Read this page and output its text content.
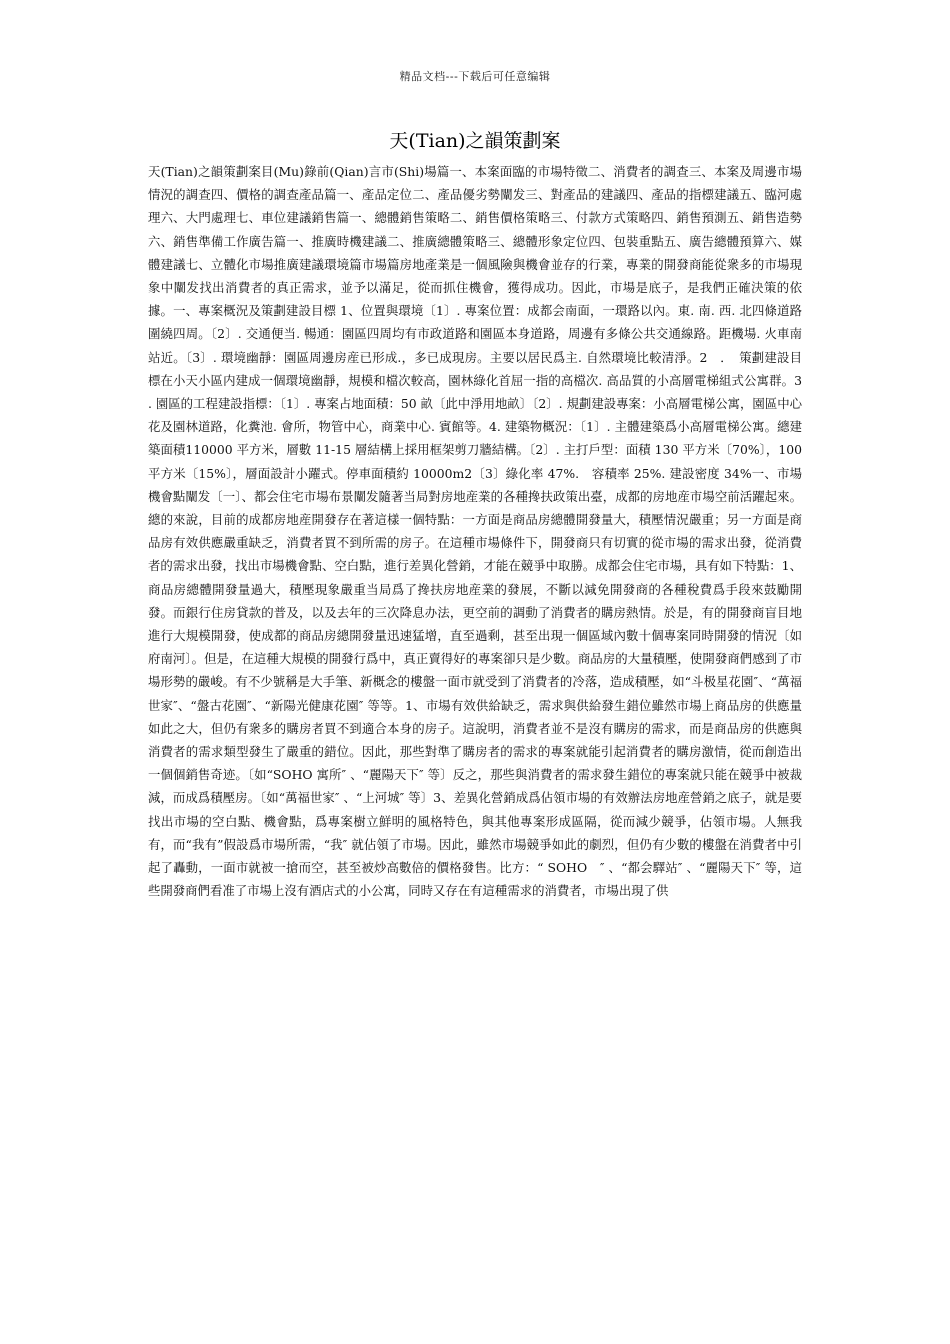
精品文档---下载后可任意编辑
天(Tian)之韻策劃案

天(Tian)之韻策劃案目(Mu)錄前(Qian)言市(Shi)場篇一、本案面臨的市場特徵二、消費者的調查三、本案及周邊市場情況的調查四、價格的調查產品篇一、產品定位二、產品優劣勢闡发三、對產品的建議四、產品的指標建議五、臨河處理六、大門處理七、車位建議銷售篇一、總體銷售策略二、銷售價格策略三、付款方式策略四、銷售預測五、銷售造勢六、銷售準備工作廣告篇一、推廣時機建議二、推廣總體策略三、總體形象定位四、包裝重點五、廣告總體預算六、媒體建議七、立體化市場推廣建議環境篇市場篇房地產業是一個風險與機會並存的行業，專業的開發商能從衆多的市場現象中闡发找出消費者的真正需求，並予以滿足，從而抓住機會，獲得成功。因此，市場是底子，是我們正確決策的依據。一、專案概況及策劃建設目標 1、位置與環境〔1〕. 專案位置：成都会南面，一環路以內。東. 南. 西. 北四條道路圍繞四周。〔2〕. 交通便当. 暢通：園區四周均有市政道路和園區本身道路，周邊有多條公共交通線路。距機場. 火車南站近。〔3〕. 環境幽靜：園區周邊房産已形成.，多已成現房。主要以居民爲主. 自然環境比較清淨。2　．　策劃建設目標在小天小區内建成一個環境幽靜，規模和檔次較高，園林綠化首屈一指的高檔次. 高品質的小高層電梯組式公寓群。3　. 園區的工程建設指標：〔1〕. 專案占地面積：50 畝〔此中淨用地畝〕〔2〕. 規劃建設專案：小高層電梯公寓，園區中心花及園林道路，化糞池. 會所，物管中心，商業中心. 賓館等。4. 建築物概況：〔1〕. 主體建築爲小高層電梯公寓。總建築面積110000 平方米，層數 11-15 層結構上採用框架剪刀牆結構。〔2〕. 主打戶型：面積 130 平方米〔70%〕，100 平方米〔15%〕，層面設計小躍式。停車面積約 10000m2〔3〕綠化率 47%.　容積率 25%. 建設密度 34%一、市場機會點闡发〔一〕、都会住宅市場布景闡发隨著当局對房地産業的各種搀扶政策出臺，成都的房地産市場空前活躍起來。總的來說，目前的成都房地産開發存在著這樣一個特點：一方面是商品房總體開發量大，積壓情況嚴重；另一方面是商品房有效供應嚴重缺乏，消費者買不到所需的房子。在這種市場條件下，開發商只有切實的從市場的需求出發，從消費者的需求出發，找出市場機會點、空白點，進行差異化營銷，才能在競爭中取勝。成都会住宅市場，具有如下特點：1、商品房總體開發量過大，積壓現象嚴重当局爲了搀扶房地産業的發展，不斷以減免開發商的各種稅費爲手段來鼓勵開發。而銀行住房貸款的普及，以及去年的三次降息办法，更空前的調動了消費者的購房熱情。於是，有的開發商盲目地進行大規模開發，使成都的商品房總開發量迅速猛增，直至過剩，甚至出現一個區域內數十個專案同時開發的情況〔如府南河〕。但是，在這種大規模的開發行爲中，真正賣得好的專案卻只是少數。商品房的大量積壓，使開發商們感到了市場形勢的嚴峻。有不少號稱是大手筆、新概念的樓盤一面市就受到了消費者的冷落，造成積壓，如“斗极星花園″、“萬福世家″、“盤古花園″、“新陽光健康花園″ 等等。1、市場有效供給缺乏，需求與供給發生錯位雖然市場上商品房的供應量如此之大，但仍有衆多的購房者買不到適合本身的房子。這說明，消費者並不是沒有購房的需求，而是商品房的供應與消費者的需求類型發生了嚴重的錯位。因此，那些對準了購房者的需求的專案就能引起消費者的購房激情，從而創造出一個個銷售奇迹。〔如“SOHO 寓所″ 、“麗陽天下″ 等〕反之，那些與消費者的需求發生錯位的專案就只能在競爭中被裁減，而成爲積壓房。〔如“萬福世家″ 、“上河城″ 等〕3、差異化營銷成爲佔領市場的有效辦法房地産營銷之底子，就是要找出市場的空白點、機會點，爲專案樹立鮮明的風格特色，與其他專案形成區隔，從而減少競爭，佔領市場。人無我有，而“我有”假設爲市場所需，“我″ 就佔領了市場。因此，雖然市場競爭如此的劇烈，但仍有少數的樓盤在消費者中引起了轟動，一面市就被一搶而空，甚至被炒高數倍的價格發售。比方：“ SOHO　″ 、“都会驛站″ 、“麗陽天下″ 等，這些開發商們看准了市場上沒有酒店式的小公寓，同時又存在有這種需求的消費者，市場出現了供
